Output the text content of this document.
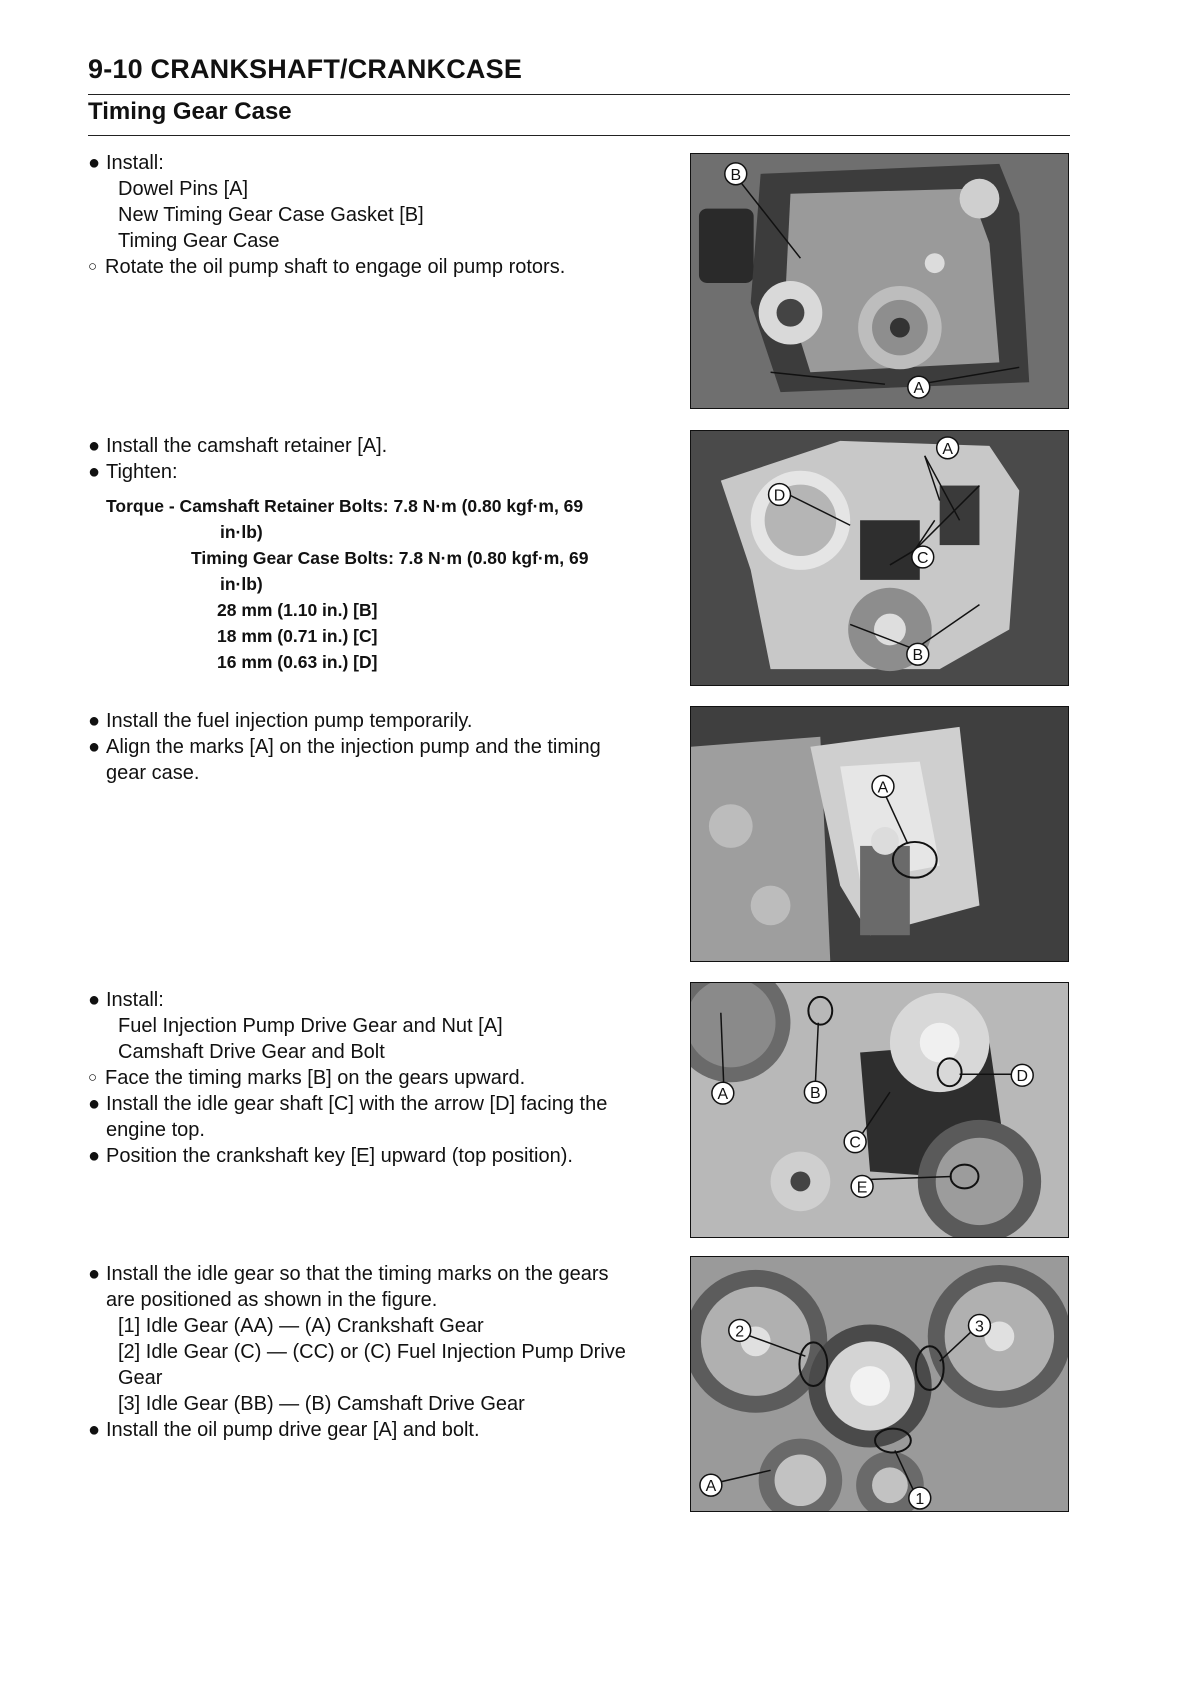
9-10 CRANKSHAFT/CRANKCASE
Timing Gear Case
● Install:
Dowel Pins [A]
New Timing Gear Case Gasket [B]
Timing Gear Case
○ Rotate the oil pump shaft to engage oil pump rotors.
B
A
● Install the camshaft retainer [A].
● Tighten:
Torque - Camshaft Retainer Bolts: 7.8 N·m (0.80 kgf·m, 69
in·lb)
Timing Gear Case Bolts: 7.8 N·m (0.80 kgf·m, 69
in·lb)
28 mm (1.10 in.) [B]
18 mm (0.71 in.) [C]
16 mm (0.63 in.) [D]
A
D
C
B
● Install the fuel injection pump temporarily.
● Align the marks [A] on the injection pump and the timing
gear case.
A
● Install:
Fuel Injection Pump Drive Gear and Nut [A]
Camshaft Drive Gear and Bolt
○ Face the timing marks [B] on the gears upward.
● Install the idle gear shaft [C] with the arrow [D] facing the
engine top.
● Position the crankshaft key [E] upward (top position).
A	B
C
D
E
● Install the idle gear so that the timing marks on the gears
are positioned as shown in the figure.
[1] Idle Gear (AA) — (A) Crankshaft Gear
[2] Idle Gear (C) — (CC) or (C) Fuel Injection Pump Drive
Gear
[3] Idle Gear (BB) — (B) Camshaft Drive Gear
● Install the oil pump drive gear [A] and bolt.
2	3
A
1
